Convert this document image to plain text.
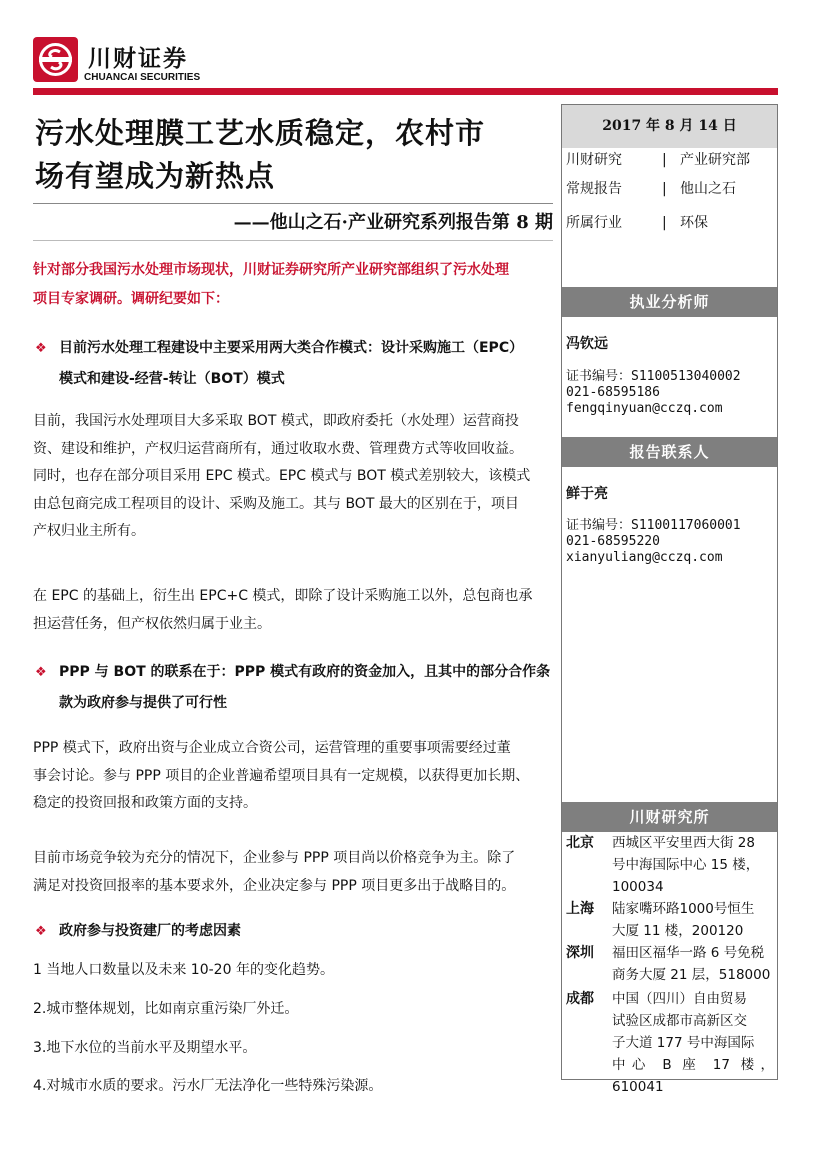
川财证券
CHUANCAI SECURITIES
污水处理膜工艺水质稳定，农村市
场有望成为新热点
——他山之石·产业研究系列报告第 8 期
针对部分我国污水处理市场现状，川财证券研究所产业研究部组织了污水处理
项目专家调研。调研纪要如下：
❖ 目前污水处理工程建设中主要采用两大类合作模式：设计采购施工（EPC）
模式和建设-经营-转让（BOT）模式
目前，我国污水处理项目大多采取 BOT 模式，即政府委托（水处理）运营商投
资、建设和维护，产权归运营商所有，通过收取水费、管理费方式等收回收益。
同时，也存在部分项目采用 EPC 模式。EPC 模式与 BOT 模式差别较大，该模式
由总包商完成工程项目的设计、采购及施工。其与 BOT 最大的区别在于，项目
产权归业主所有。
在 EPC 的基础上，衍生出 EPC+C 模式，即除了设计采购施工以外，总包商也承
担运营任务，但产权依然归属于业主。
❖ PPP 与 BOT 的联系在于：PPP 模式有政府的资金加入，且其中的部分合作条
款为政府参与提供了可行性
PPP 模式下，政府出资与企业成立合资公司，运营管理的重要事项需要经过董
事会讨论。参与 PPP 项目的企业普遍希望项目具有一定规模，以获得更加长期、
稳定的投资回报和政策方面的支持。
目前市场竞争较为充分的情况下，企业参与 PPP 项目尚以价格竞争为主。除了
满足对投资回报率的基本要求外，企业决定参与 PPP 项目更多出于战略目的。
❖ 政府参与投资建厂的考虑因素
1 当地人口数量以及未来 10-20 年的变化趋势。
2.城市整体规划，比如南京重污染厂外迁。
3.地下水位的当前水平及期望水平。
4.对城市水质的要求。污水厂无法净化一些特殊污染源。
2017 年 8 月 14 日
川财研究	| 产业研究部
常规报告	| 他山之石
所属行业	| 环保
执业分析师
冯钦远
证书编号：S1100513040002
021-68595186
fengqinyuan@cczq.com
报告联系人
鲜于亮
证书编号：S1100117060001
021-68595220
xianyuliang@cczq.com
川财研究所
北京	西城区平安里西大街 28
号中海国际中心 15 楼，
100034
上海	陆家嘴环路1000号恒生
大厦 11 楼，200120
深圳	福田区福华一路 6 号免税
商务大厦 21 层，518000
成都	中国（四川）自由贸易
试验区成都市高新区交
子大道 177 号中海国际
中心 B 座 17 楼，610041
